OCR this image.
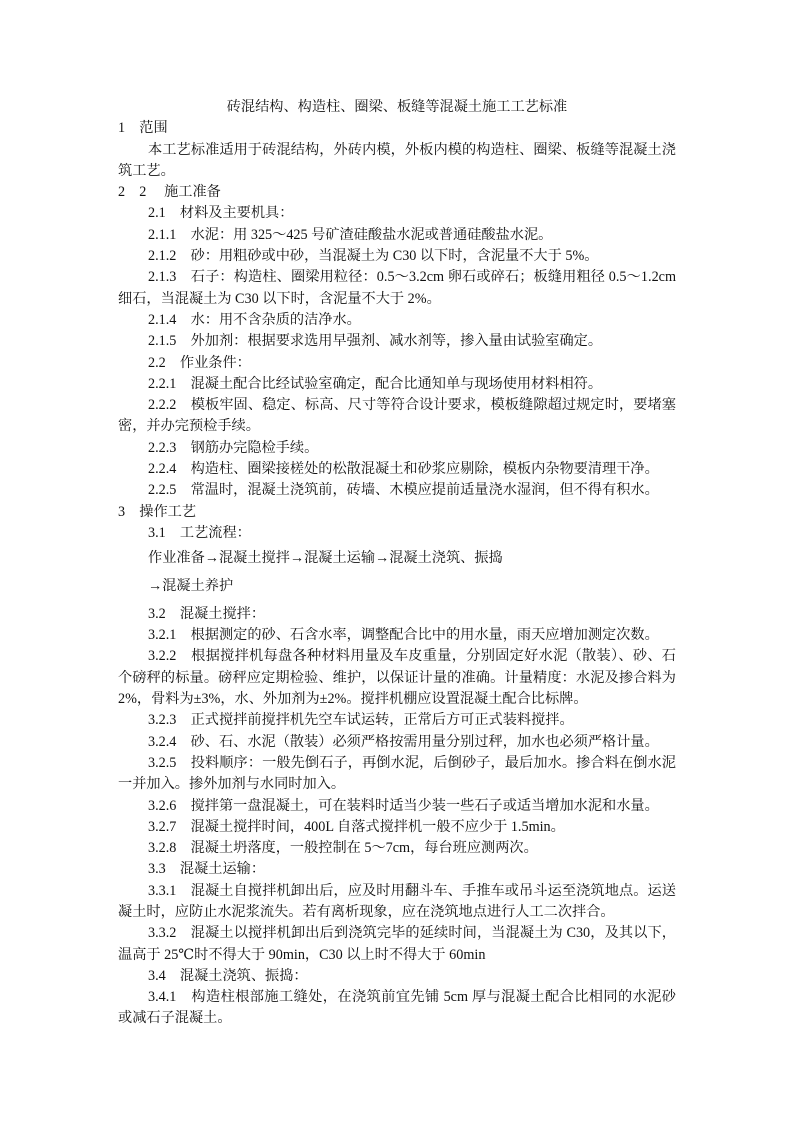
砖混结构、构造柱、圈梁、板缝等混凝土施工工艺标准
1　范围
本工艺标准适用于砖混结构，外砖内模，外板内模的构造柱、圈梁、板缝等混凝土浇
筑工艺。
2　2　 施工准备
2.1　材料及主要机具：
2.1.1　水泥：用 325～425 号矿渣硅酸盐水泥或普通硅酸盐水泥。
2.1.2　砂：用粗砂或中砂，当混凝土为 C30 以下时，含泥量不大于 5%。
2.1.3　石子：构造柱、圈梁用粒径：0.5～3.2cm 卵石或碎石；板缝用粗径 0.5～1.2cm
细石，当混凝土为 C30 以下时，含泥量不大于 2%。
2.1.4　水：用不含杂质的洁净水。
2.1.5　外加剂：根据要求选用早强剂、减水剂等，掺入量由试验室确定。
2.2　作业条件：
2.2.1　混凝土配合比经试验室确定，配合比通知单与现场使用材料相符。
2.2.2　模板牢固、稳定、标高、尺寸等符合设计要求，模板缝隙超过规定时，要堵塞
密，并办完预检手续。
2.2.3　钢筋办完隐检手续。
2.2.4　构造柱、圈梁接槎处的松散混凝土和砂浆应剔除，模板内杂物要清理干净。
2.2.5　常温时，混凝土浇筑前，砖墙、木模应提前适量浇水湿润，但不得有积水。
3　操作工艺
3.1　工艺流程：
作业准备→混凝土搅拌→混凝土运输→混凝土浇筑、振捣
→混凝土养护
3.2　混凝土搅拌：
3.2.1　根据测定的砂、石含水率，调整配合比中的用水量，雨天应增加测定次数。
3.2.2　根据搅拌机每盘各种材料用量及车皮重量，分别固定好水泥（散装）、砂、石
个磅秤的标量。磅秤应定期检验、维护，以保证计量的准确。计量精度：水泥及掺合料为
2%，骨料为±3%，水、外加剂为±2%。搅拌机棚应设置混凝土配合比标牌。
3.2.3　正式搅拌前搅拌机先空车试运转，正常后方可正式装料搅拌。
3.2.4　砂、石、水泥（散装）必须严格按需用量分别过秤，加水也必须严格计量。
3.2.5　投料顺序：一般先倒石子，再倒水泥，后倒砂子，最后加水。掺合料在倒水泥
一并加入。掺外加剂与水同时加入。
3.2.6　搅拌第一盘混凝土，可在装料时适当少装一些石子或适当增加水泥和水量。
3.2.7　混凝土搅拌时间，400L 自落式搅拌机一般不应少于 1.5min。
3.2.8　混凝土坍落度，一般控制在 5～7cm，每台班应测两次。
3.3　混凝土运输：
3.3.1　混凝土自搅拌机卸出后，应及时用翻斗车、手推车或吊斗运至浇筑地点。运送
凝土时，应防止水泥浆流失。若有离析现象，应在浇筑地点进行人工二次拌合。
3.3.2　混凝土以搅拌机卸出后到浇筑完毕的延续时间，当混凝土为 C30，及其以下，
温高于 25℃时不得大于 90min，C30 以上时不得大于 60min
3.4　混凝土浇筑、振捣：
3.4.1　构造柱根部施工缝处，在浇筑前宜先铺 5cm 厚与混凝土配合比相同的水泥砂
或减石子混凝土。
